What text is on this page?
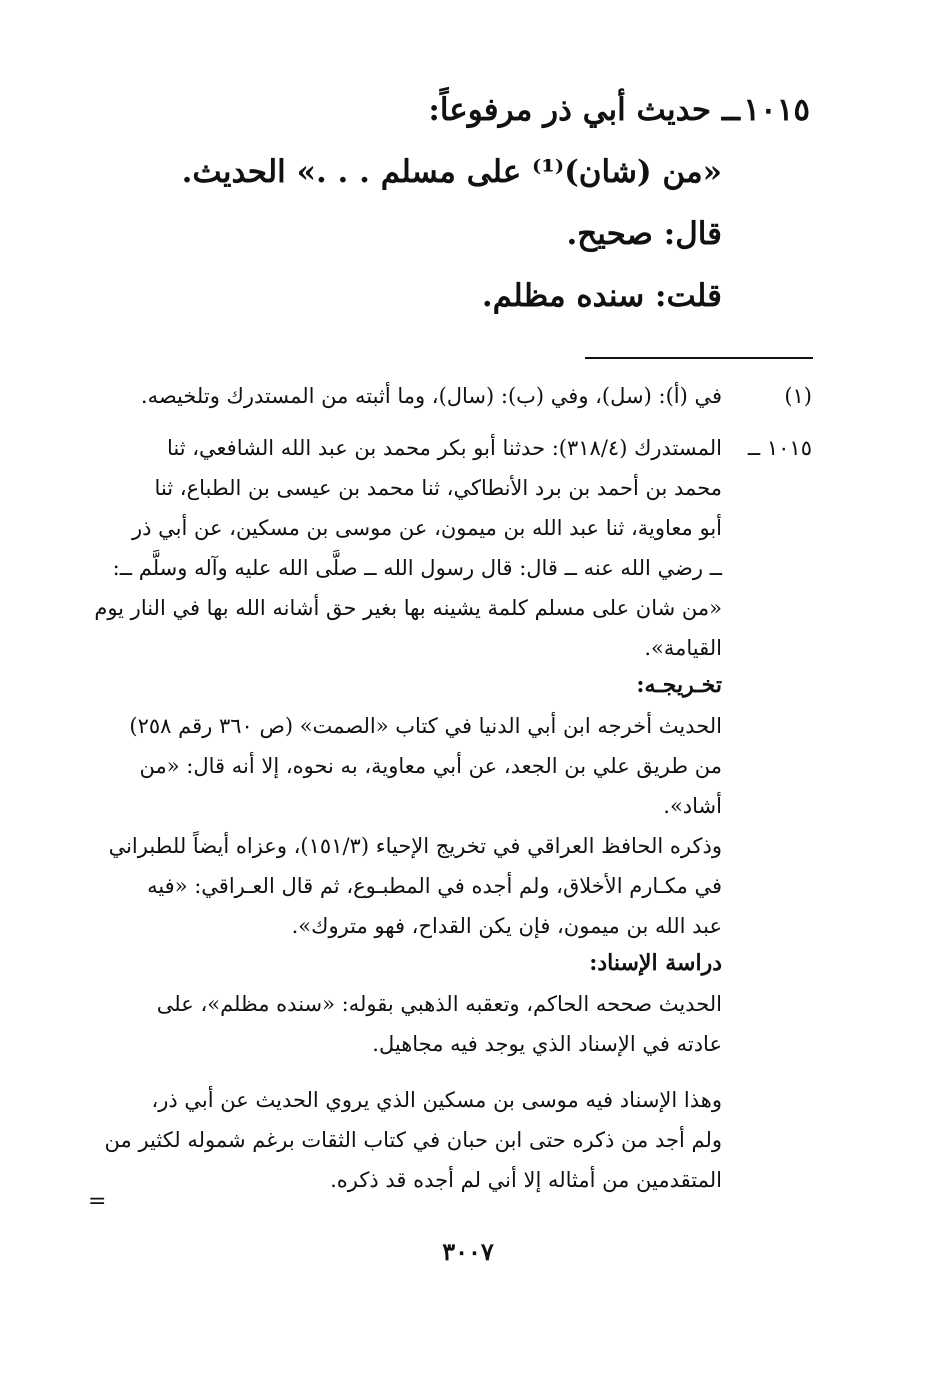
١٠١٥
ــ حديث أبي ذر مرفوعاً:
«من (شان)⁽¹⁾ على مسلم . . .» الحديث.
قال: صحيح.
قلت: سنده مظلم.
(١)
في (أ): (سل)، وفي (ب): (سال)، وما أثبته من المستدرك وتلخيصه.
١٠١٥ ــ
المستدرك (٣١٨/٤): حدثنا أبو بكر محمد بن عبد الله الشافعي، ثنا
محمد بن أحمد بن برد الأنطاكي، ثنا محمد بن عيسى بن الطباع، ثنا
أبو معاوية، ثنا عبد الله بن ميمون، عن موسى بن مسكين، عن أبي ذر
ــ رضي الله عنه ــ قال: قال رسول الله ــ صلَّى الله عليه وآله وسلَّم ــ:
«من شان على مسلم كلمة يشينه بها بغير حق أشانه الله بها في النار يوم
القيامة».
تخـريجـه:
الحديث أخرجه ابن أبي الدنيا في كتاب «الصمت» (ص ٣٦٠ رقم ٢٥٨)
من طريق علي بن الجعد، عن أبي معاوية، به نحوه، إلا أنه قال: «من
أشاد».
وذكره الحافظ العراقي في تخريج الإحياء (١٥١/٣)، وعزاه أيضاً للطبراني
في مكـارم الأخلاق، ولم أجده في المطبـوع، ثم قال العـراقي: «فيه
عبد الله بن ميمون، فإن يكن القداح، فهو متروك».
دراسة الإسناد:
الحديث صححه الحاكم، وتعقبه الذهبي بقوله: «سنده مظلم»، على
عادته في الإسناد الذي يوجد فيه مجاهيل.
وهذا الإسناد فيه موسى بن مسكين الذي يروي الحديث عن أبي ذر،
ولم أجد من ذكره حتى ابن حبان في كتاب الثقات برغم شموله لكثير من
المتقدمين من أمثاله إلا أني لم أجده قد ذكره.
=
٣٠٠٧
